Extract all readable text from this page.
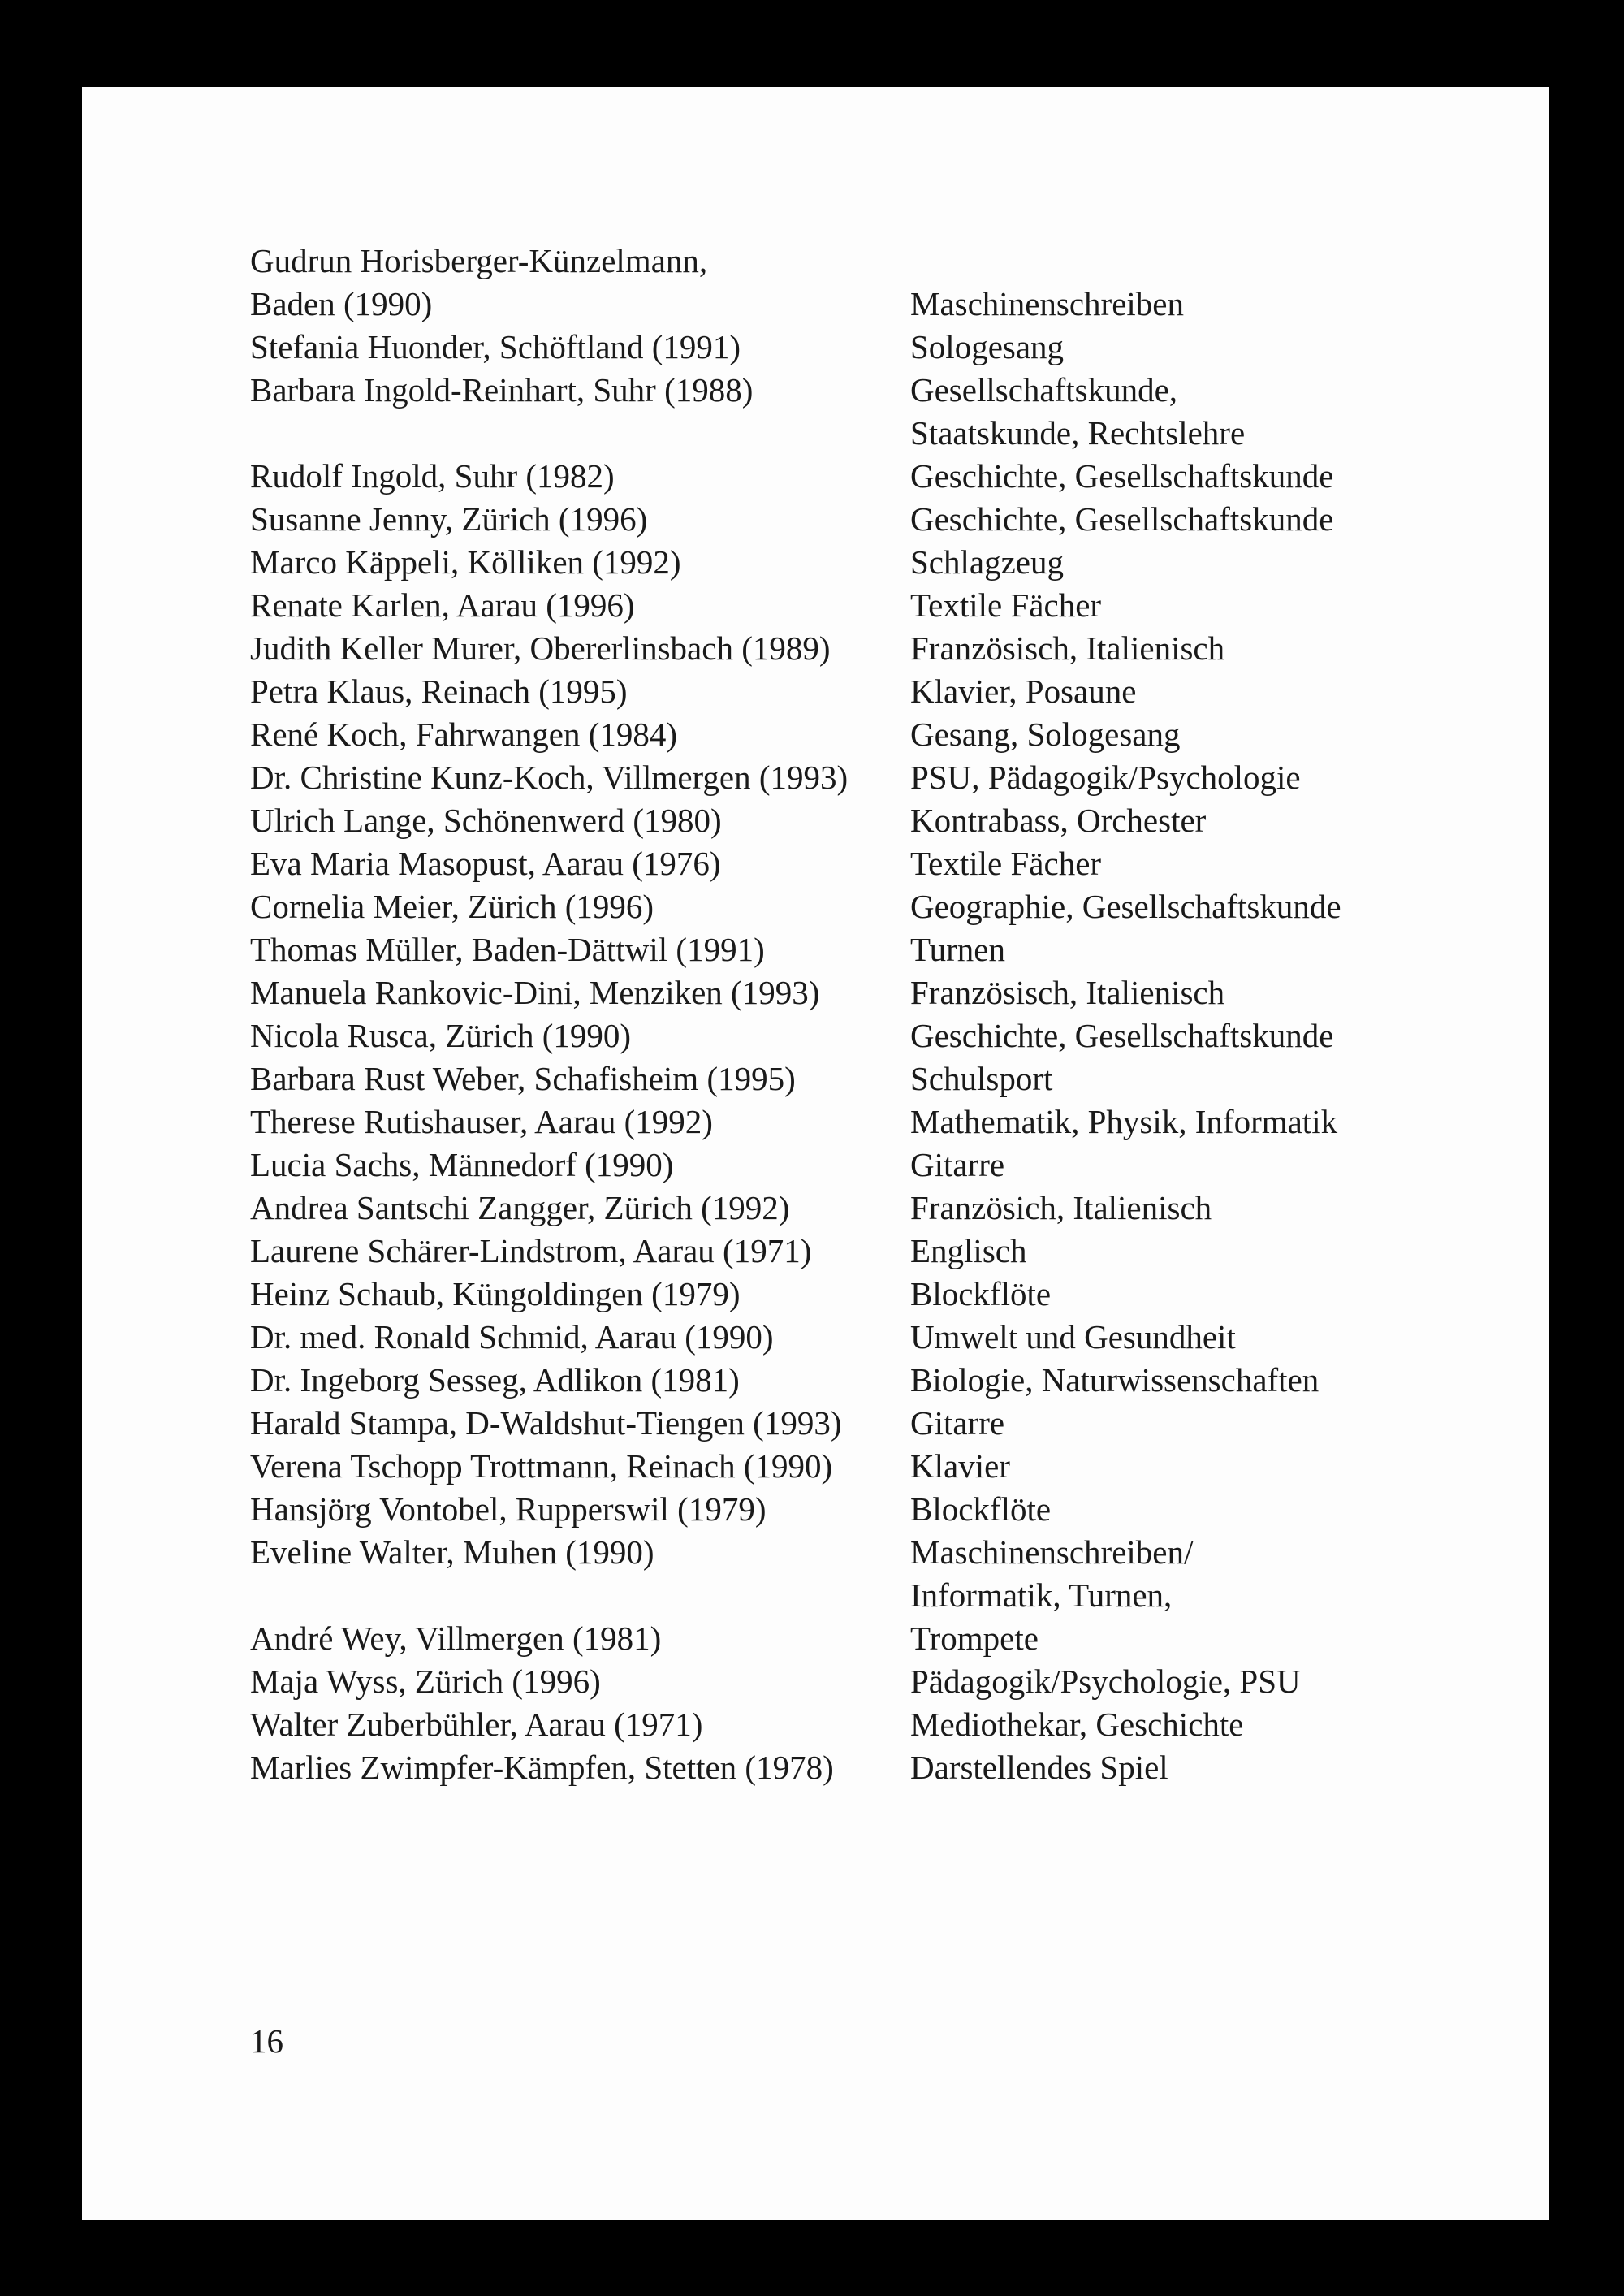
Gudrun Horisberger-Künzelmann,
Baden (1990)	Maschinenschreiben
Stefania Huonder, Schöftland (1991)	Sologesang
Barbara Ingold-Reinhart, Suhr (1988)	Gesellschaftskunde,
Staatskunde, Rechtslehre
Rudolf Ingold, Suhr (1982)	Geschichte, Gesellschaftskunde
Susanne Jenny, Zürich (1996)	Geschichte, Gesellschaftskunde
Marco Käppeli, Kölliken (1992)	Schlagzeug
Renate Karlen, Aarau (1996)	Textile Fächer
Judith Keller Murer, Obererlinsbach (1989) Französisch, Italienisch
Petra Klaus, Reinach (1995)	Klavier, Posaune
René Koch, Fahrwangen (1984)	Gesang, Sologesang
Dr. Christine Kunz-Koch, Villmergen (1993) PSU, Pädagogik/Psychologie
Ulrich Lange, Schönenwerd (1980)	Kontrabass, Orchester
Eva Maria Masopust, Aarau (1976)	Textile Fächer
Cornelia Meier, Zürich (1996)	Geographie, Gesellschaftskunde
Thomas Müller, Baden-Dättwil (1991)	Turnen
Manuela Rankovic-Dini, Menziken (1993)	Französisch, Italienisch
Nicola Rusca, Zürich (1990)	Geschichte, Gesellschaftskunde
Barbara Rust Weber, Schafisheim (1995)	Schulsport
Therese Rutishauser, Aarau (1992)	Mathematik, Physik, Informatik
Lucia Sachs, Männedorf (1990)	Gitarre
Andrea Santschi Zangger, Zürich (1992)	Französich, Italienisch
Laurene Schärer-Lindstrom, Aarau (1971)	Englisch
Heinz Schaub, Küngoldingen (1979)	Blockflöte
Dr. med. Ronald Schmid, Aarau (1990)	Umwelt und Gesundheit
Dr. Ingeborg Sesseg, Adlikon (1981)	Biologie, Naturwissenschaften
Harald Stampa, D-Waldshut-Tiengen (1993) Gitarre
Verena Tschopp Trottmann, Reinach (1990) Klavier
Hansjörg Vontobel, Rupperswil (1979)	Blockflöte
Eveline Walter, Muhen (1990)	Maschinenschreiben/
Informatik, Turnen,
André Wey, Villmergen (1981)	Trompete
Maja Wyss, Zürich (1996)	Pädagogik/Psychologie, PSU
Walter Zuberbühler, Aarau (1971)	Mediothekar, Geschichte
Marlies Zwimpfer-Kämpfen, Stetten (1978) Darstellendes Spiel
16
